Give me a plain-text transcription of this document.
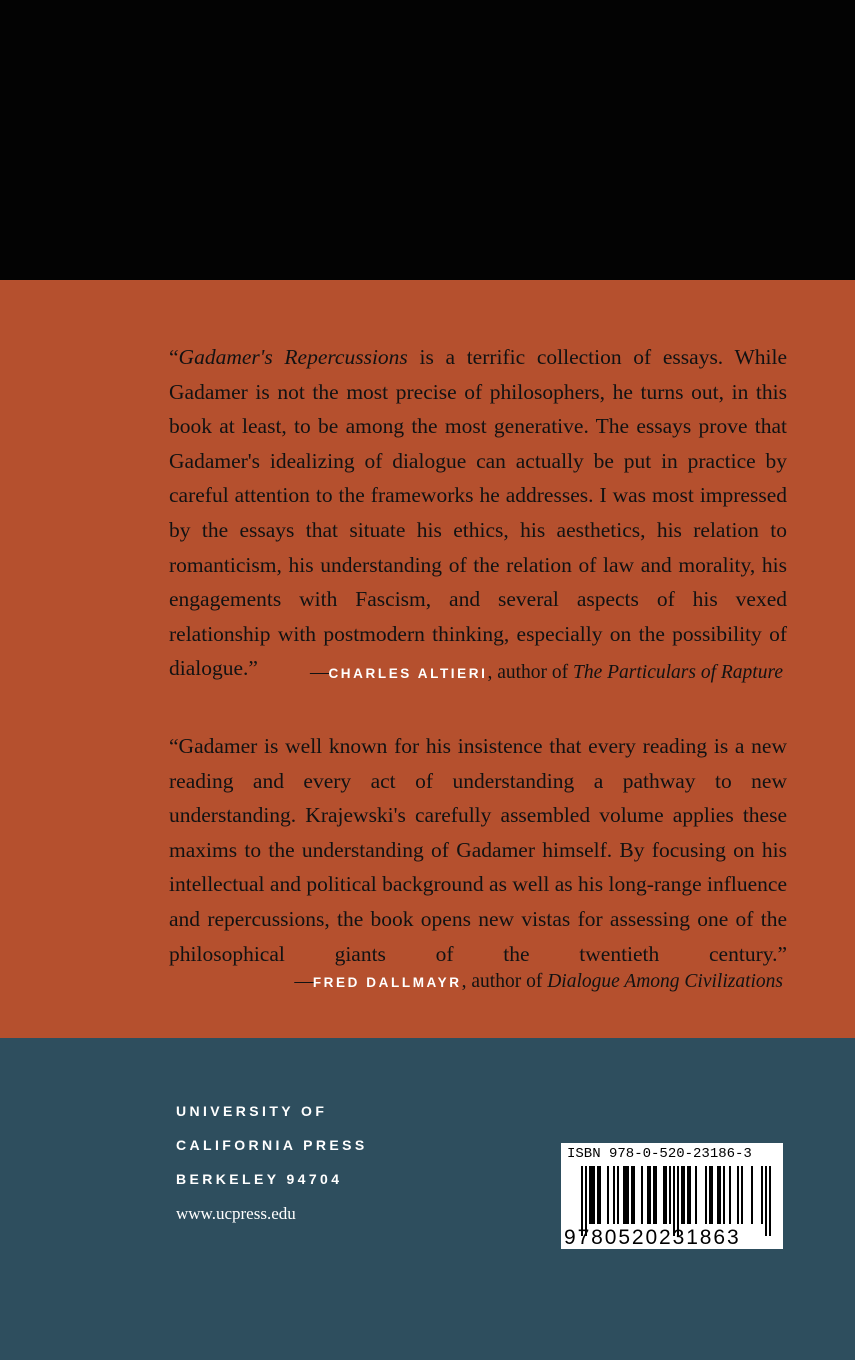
“Gadamer's Repercussions is a terrific collection of essays. While Gadamer is not the most precise of philosophers, he turns out, in this book at least, to be among the most generative. The essays prove that Gadamer's idealizing of dialogue can actually be put in practice by careful attention to the frameworks he addresses. I was most impressed by the essays that situate his ethics, his aesthetics, his relation to romanticism, his understanding of the relation of law and morality, his engagements with Fascism, and several aspects of his vexed relationship with postmodern thinking, especially on the possibility of dialogue.”	—CHARLES ALTIERI, author of The Particulars of Rapture

“Gadamer is well known for his insistence that every reading is a new reading and every act of understanding a pathway to new understanding. Krajewski's carefully assembled volume applies these maxims to the understanding of Gadamer himself. By focusing on his intellectual and political background as well as his long-range influence and repercussions, the book opens new vistas for assessing one of the philosophical giants of the twentieth century.”

—FRED DALLMAYR, author of Dialogue Among Civilizations
UNIVERSITY OF
CALIFORNIA PRESS
BERKELEY 94704
www.ucpress.edu
ISBN 978-0-520-23186-3
9780520231863
